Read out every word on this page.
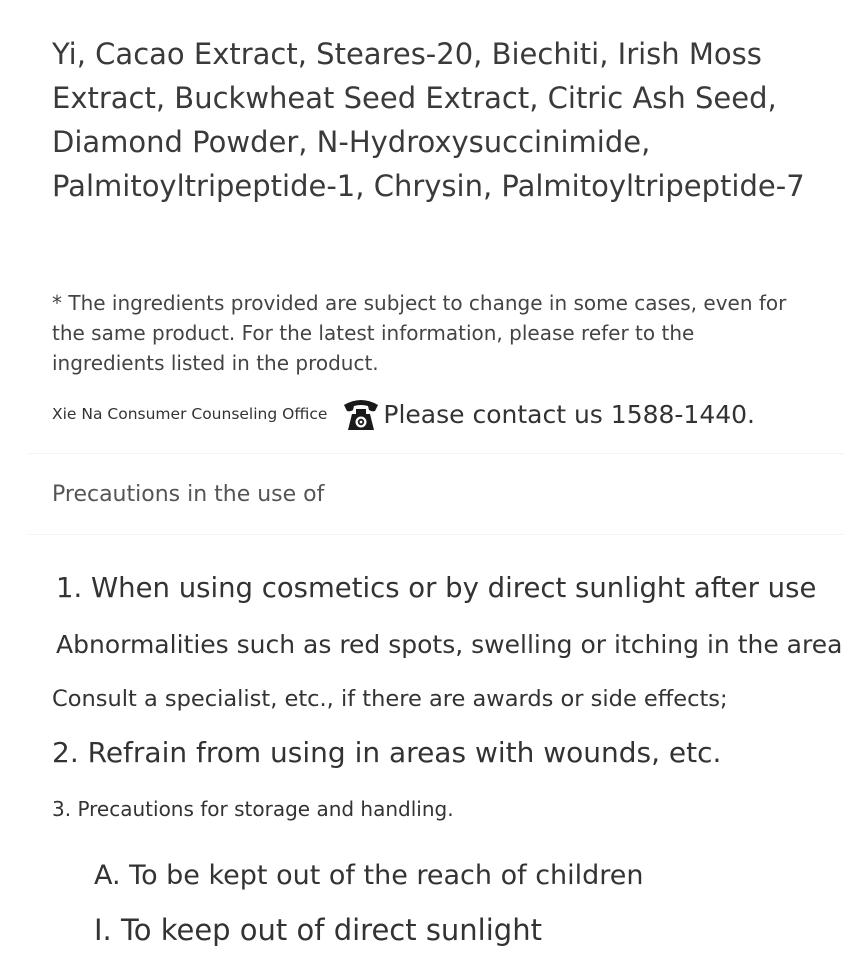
Yi, Cacao Extract, Steares-20, Biechiti, Irish Moss Extract, Buckwheat Seed Extract, Citric Ash Seed, Diamond Powder, N-Hydroxysuccinimide, Palmitoyltripeptide-1, Chrysin, Palmitoyltripeptide-7

* The ingredients provided are subject to change in some cases, even for the same product. For the latest information, please refer to the ingredients listed in the product.

Xie Na Consumer Counseling Office Please contact us 1588-1440.

Precautions in the use of

1. When using cosmetics or by direct sunlight after use

Abnormalities such as red spots, swelling or itching in the area

Consult a specialist, etc., if there are awards or side effects;

2. Refrain from using in areas with wounds, etc.

3. Precautions for storage and handling.

A. To be kept out of the reach of children

I. To keep out of direct sunlight
